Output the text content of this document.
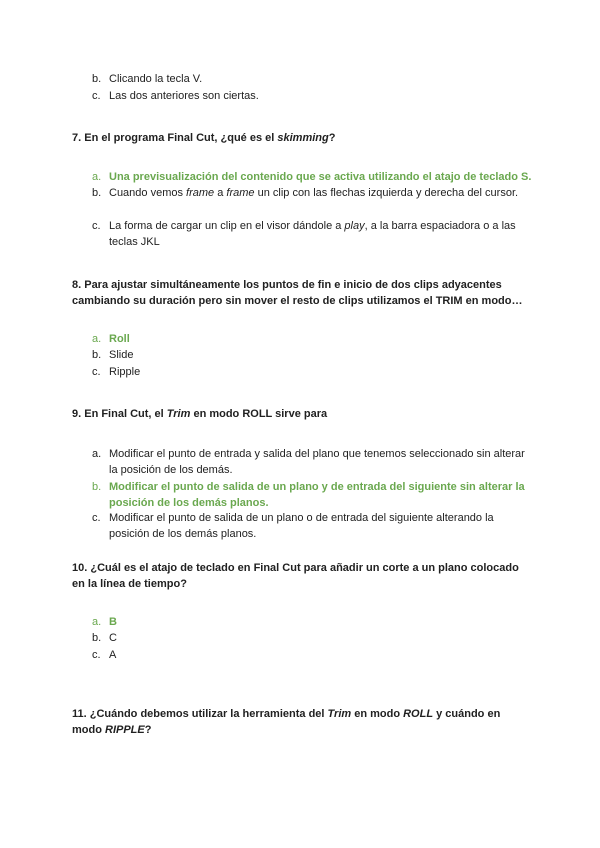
b. Clicando la tecla V.
c. Las dos anteriores son ciertas.
7. En el programa Final Cut, ¿qué es el skimming?
a. Una previsualización del contenido que se activa utilizando el atajo de teclado S.
b. Cuando vemos frame a frame un clip con las flechas izquierda y derecha del cursor.
c. La forma de cargar un clip en el visor dándole a play, a la barra espaciadora o a las teclas JKL
8. Para ajustar simultáneamente los puntos de fin e inicio de dos clips adyacentes cambiando su duración pero sin mover el resto de clips utilizamos el TRIM en modo…
a. Roll
b. Slide
c. Ripple
9. En Final Cut, el Trim en modo ROLL sirve para
a. Modificar el punto de entrada y salida del plano que tenemos seleccionado sin alterar la posición de los demás.
b. Modificar el punto de salida de un plano y de entrada del siguiente sin alterar la posición de los demás planos.
c. Modificar el punto de salida de un plano o de entrada del siguiente alterando la posición de los demás planos.
10. ¿Cuál es el atajo de teclado en Final Cut para añadir un corte a un plano colocado en la línea de tiempo?
a. B
b. C
c. A
11. ¿Cuándo debemos utilizar la herramienta del Trim en modo ROLL y cuándo en modo RIPPLE?
